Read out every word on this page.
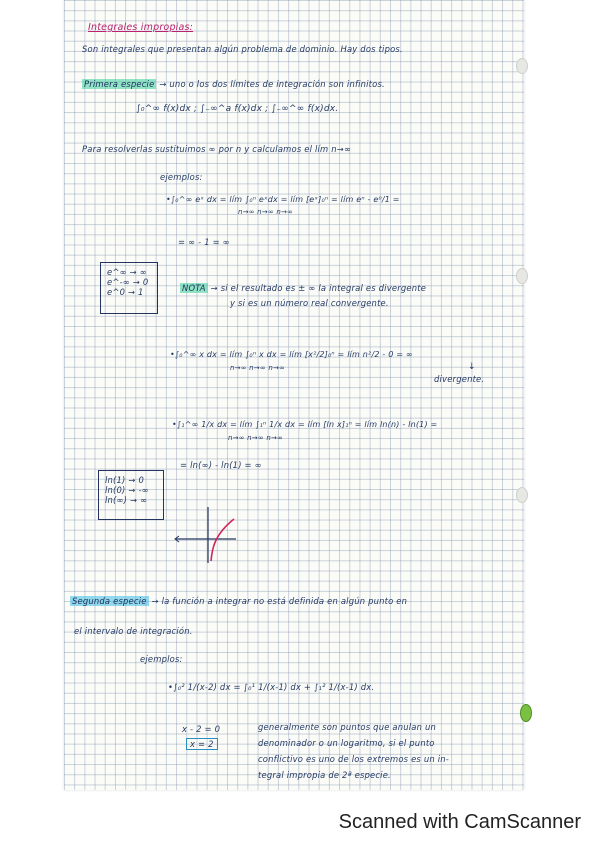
Integrales impropias:
Son integrales que presentan algún problema de dominio. Hay dos tipos.
Primera especie → uno o los dos límites de integración son infinitos.
∫₀^∞ f(x)dx ; ∫₋∞^a f(x)dx ; ∫₋∞^∞ f(x)dx.
Para resolverlas sustituimos ∞ por n y calculamos el lím n→∞
ejemplos:
•∫₀^∞ eˣ dx = lím ∫₀ⁿ eˣdx = lím [eˣ]₀ⁿ = lím eⁿ - e⁰/1 =
n→∞ n→∞ n→∞
= ∞ - 1 = ∞
e^∞ → ∞
e^-∞ → 0
e^0 → 1	NOTA → si el resultado es ± ∞ la integral es divergente
y si es un número real convergente.
•∫₀^∞ x dx = lím ∫₀ⁿ x dx = lím [x²/2]₀ⁿ = lím n²/2 - 0 = ∞
n→∞ n→∞ n→∞	↓
divergente.
•∫₁^∞ 1/x dx = lím ∫₁ⁿ 1/x dx = lím [ln x]₁ⁿ = lím ln(n) - ln(1) =
n→∞ n→∞ n→∞
= ln(∞) - ln(1) = ∞
ln(1) → 0
ln(0) → -∞
ln(∞) → ∞
Segunda especie → la función a integrar no está definida en algún punto en
el intervalo de integración.
ejemplos:
•∫₀² 1/(x-2) dx = ∫₀¹ 1/(x-1) dx + ∫₁² 1/(x-1) dx.
x - 2 = 0
x = 2
generalmente son puntos que anulan un
denominador o un logaritmo, si el punto
conflictivo es uno de los extremos es un in-
tegral impropia de 2ª especie.
Scanned with CamScanner
